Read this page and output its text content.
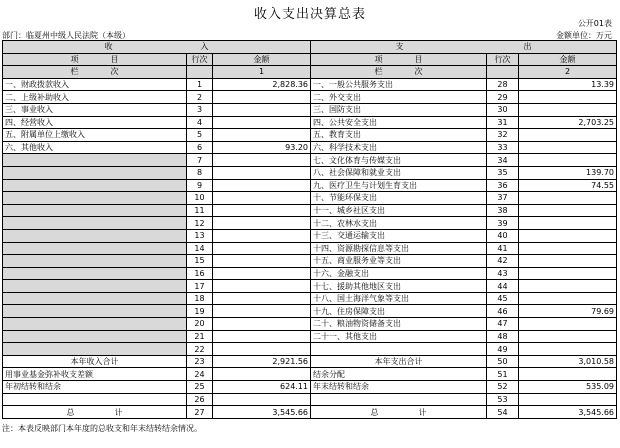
收入支出决算总表
公开01表
部门：临夏州中级人民法院（本级）	金额单位：万元
收　　　　　　　　　　　入			支　　　　　　　　　　　　　　　出		
项　　　　目	行次	金额	项　　　　目	行次	金额
栏　　　　次		1	栏　　　　次		2
一、财政拨款收入	1	2,828.36	一、一般公共服务支出	28	13.39
二、上级补助收入	2		二、外交支出	29	
三、事业收入	3		三、国防支出	30	
四、经营收入	4		四、公共安全支出	31	2,703.25
五、附属单位上缴收入	5		五、教育支出	32	
六、其他收入	6	93.20	六、科学技术支出	33	
	7		七、文化体育与传媒支出	34	
	8		八、社会保障和就业支出	35	139.70
	9		九、医疗卫生与计划生育支出	36	74.55
	10		十、节能环保支出	37	
	11		十一、城乡社区支出	38	
	12		十二、农林水支出	39	
	13		十三、交通运输支出	40	
	14		十四、资源勘探信息等支出	41	
	15		十五、商业服务业等支出	42	
	16		十六、金融支出	43	
	17		十七、援助其他地区支出	44	
	18		十八、国土海洋气象等支出	45	
	19		十九、住房保障支出	46	79.69
	20		二十、粮油物资储备支出	47	
	21		二十一、其他支出	48	
	22			49	
本年收入合计	23	2,921.56	本年支出合计	50	3,010.58
用事业基金弥补收支差额	24		结余分配	51	
年初结转和结余	25	624.11	年末结转和结余	52	535.09
	26			53	
总　　　　　计	27	3,545.66	总　　　　　计	54	3,545.66
注：本表反映部门本年度的总收支和年末结转结余情况。
